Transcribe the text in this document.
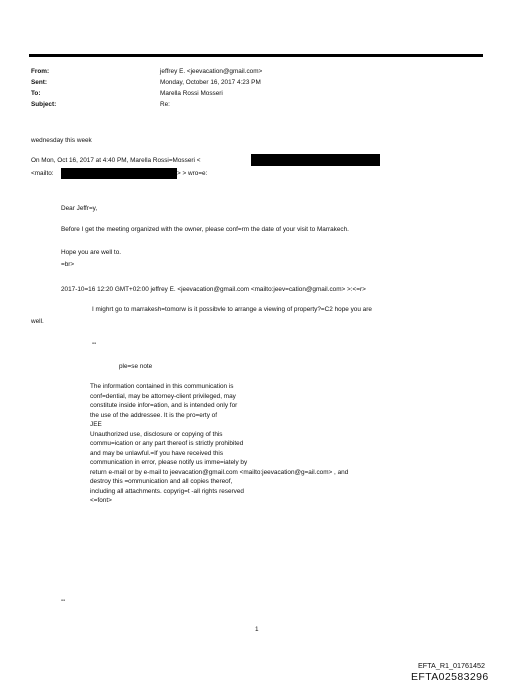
From:
Sent:
To:
Subject:
jeffrey E. <jeevacation@gmail.com>
Monday, October 16, 2017 4:23 PM
Marella Rossi Mosseri
Re:
wednesday this week
On Mon, Oct 16, 2017 at 4:40 PM, Marella Rossi=Mosseri <
<mailto:	> > wro=e:
Dear Jeffr=y,
Before I get the meeting organized with the owner, please conf=rm the date of your visit to Marrakech.
Hope you are well to.
=br>
2017-10=16 12:20 GMT+02:00 jeffrey E. <jeevacation@gmail.com <mailto:jeev=cation@gmail.com> >:<=r>
I mighrt go to marrakesh=tomorw is it possibvle to arrange a viewing of property?=C2 hope you are
well.
--
ple=se note
The information contained in this communication is
conf=dential, may be attorney-client privileged, may
constitute inside infor=ation, and is intended only for
the use of the addressee. It is the pro=erty of
JEE
Unauthorized use, disclosure or copying of this
commu=ication or any part thereof is strictly prohibited
and may be unlawful.=If you have received this
communication in error, please notify us imme=iately by
return e-mail or by e-mail to jeevacation@gmail.com <mailto:jeevacation@g=ail.com> , and
destroy this =ommunication and all copies thereof,
including all attachments. copyrig=t -all rights reserved
<=font>
--
1
EFTA_R1_01761452
EFTA02583296
